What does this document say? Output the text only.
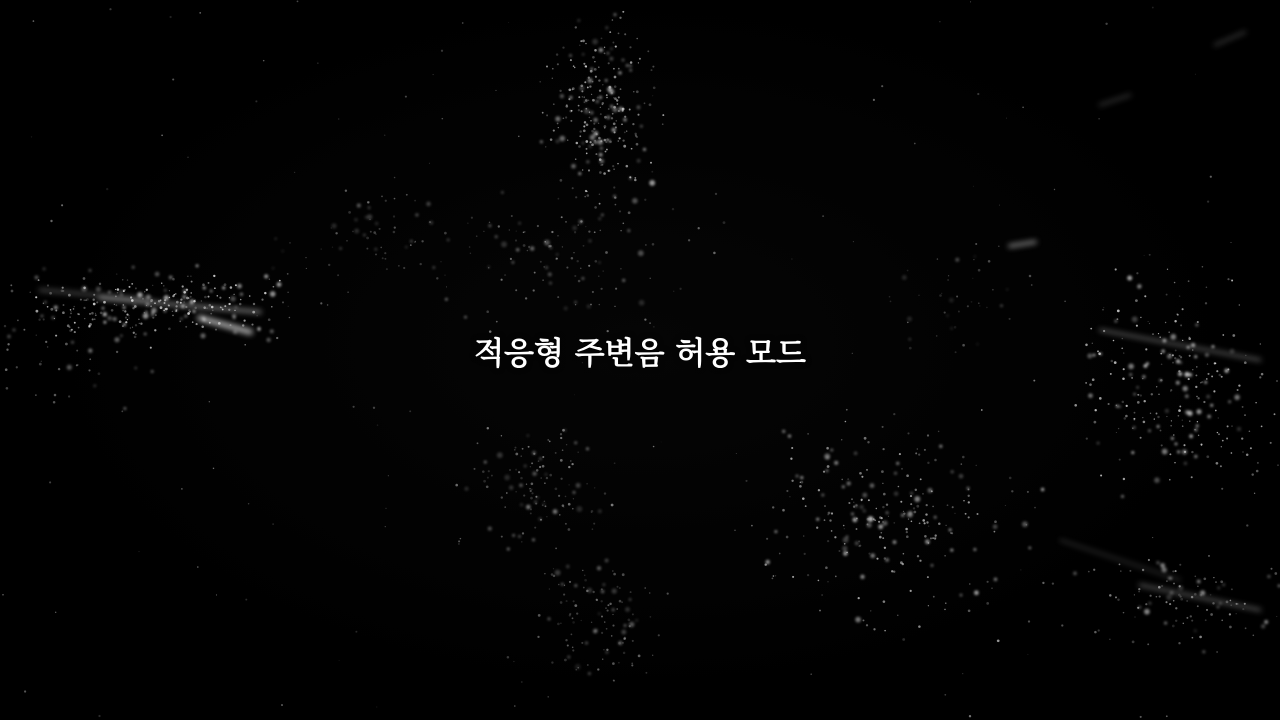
적응형 주변음 허용 모드
